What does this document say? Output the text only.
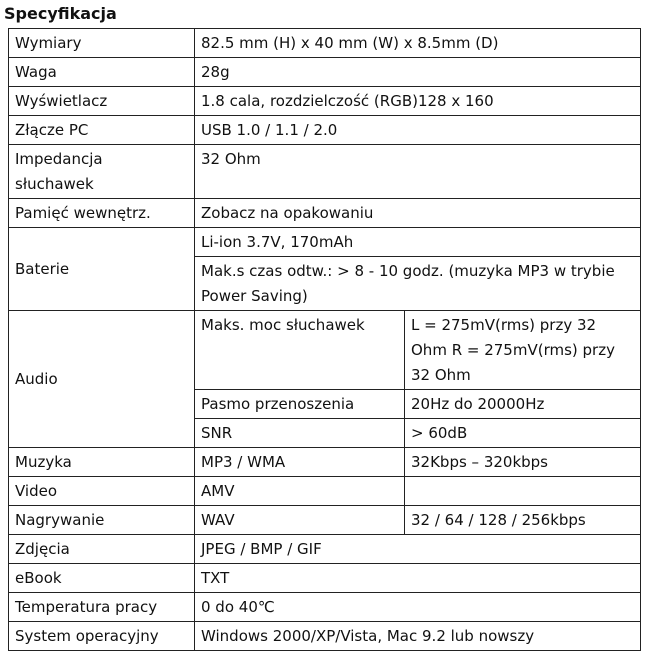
Specyfikacja
Wymiary	82.5 mm (H) x 40 mm (W) x 8.5mm (D)	
Waga	28g	
Wyświetlacz	1.8 cala, rozdzielczość (RGB)128 x 160	
Złącze PC	USB 1.0 / 1.1 / 2.0	
Impedancja słuchawek	32 Ohm	
Pamięć wewnętrz.	Zobacz na opakowaniu	
Baterie	Li-ion 3.7V, 170mAh	
	Mak.s czas odtw.: > 8 - 10 godz. (muzyka MP3 w trybie Power Saving)	
Audio	Maks. moc słuchawek	L = 275mV(rms) przy 32 Ohm R = 275mV(rms) przy 32 Ohm
	Pasmo przenoszenia	20Hz do 20000Hz
	SNR	> 60dB
Muzyka	MP3 / WMA	32Kbps – 320kbps
Video	AMV	
Nagrywanie	WAV	32 / 64 / 128 / 256kbps
Zdjęcia	JPEG / BMP / GIF	
eBook	TXT	
Temperatura pracy	0 do 40℃	
System operacyjny	Windows 2000/XP/Vista, Mac 9.2 lub nowszy	
